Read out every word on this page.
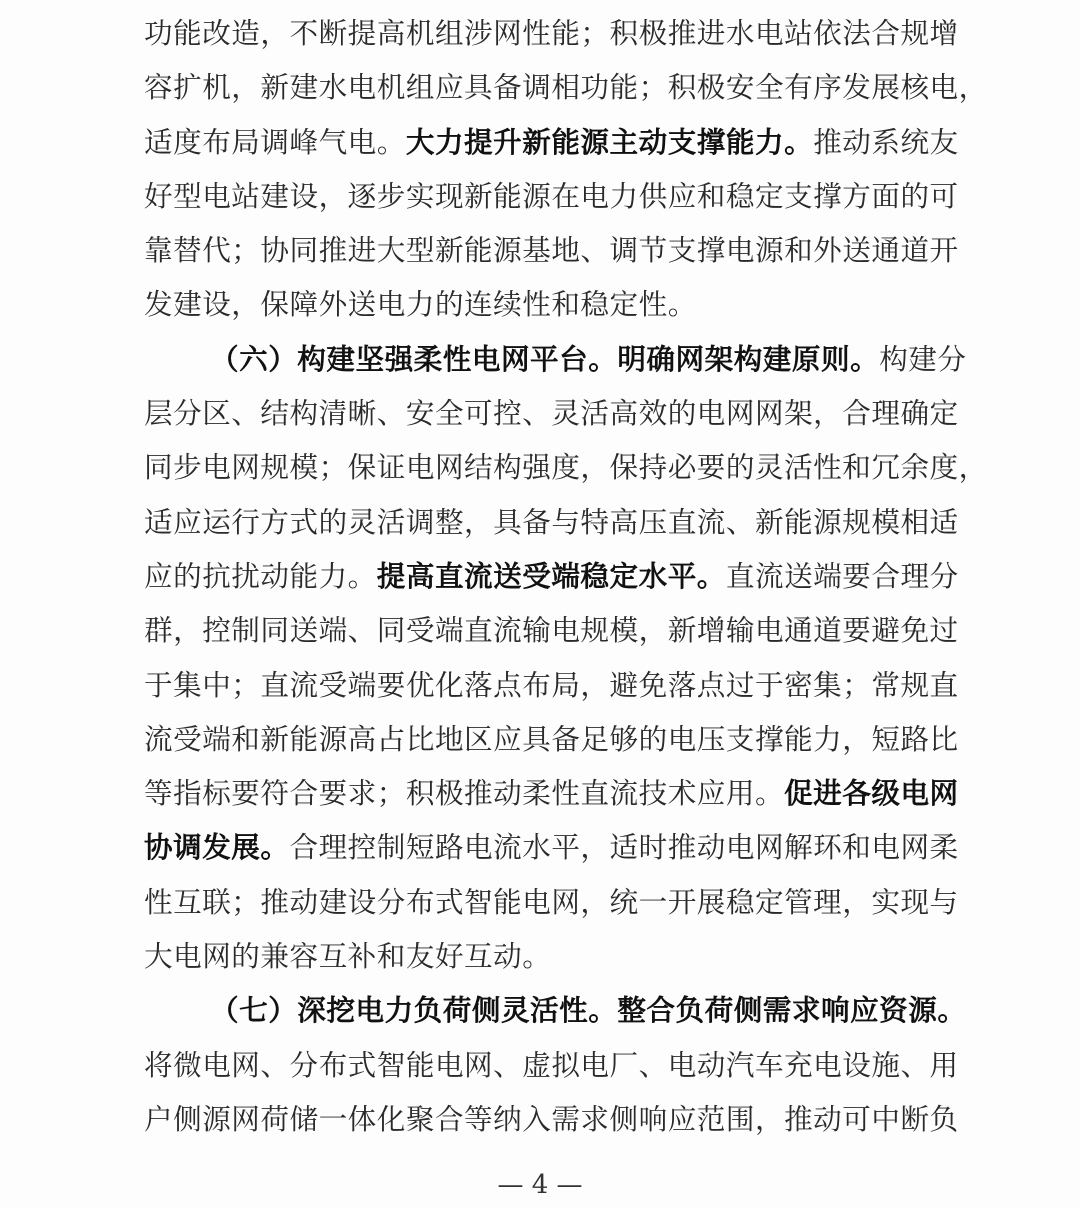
功能改造，不断提高机组涉网性能；积极推进水电站依法合规增
容扩机，新建水电机组应具备调相功能；积极安全有序发展核电，
适度布局调峰气电。大力提升新能源主动支撑能力。推动系统友
好型电站建设，逐步实现新能源在电力供应和稳定支撑方面的可
靠替代；协同推进大型新能源基地、调节支撑电源和外送通道开
发建设，保障外送电力的连续性和稳定性。
（六）构建坚强柔性电网平台。明确网架构建原则。构建分
层分区、结构清晰、安全可控、灵活高效的电网网架，合理确定
同步电网规模；保证电网结构强度，保持必要的灵活性和冗余度，
适应运行方式的灵活调整，具备与特高压直流、新能源规模相适
应的抗扰动能力。提高直流送受端稳定水平。直流送端要合理分
群，控制同送端、同受端直流输电规模，新增输电通道要避免过
于集中；直流受端要优化落点布局，避免落点过于密集；常规直
流受端和新能源高占比地区应具备足够的电压支撑能力，短路比
等指标要符合要求；积极推动柔性直流技术应用。促进各级电网
协调发展。合理控制短路电流水平，适时推动电网解环和电网柔
性互联；推动建设分布式智能电网，统一开展稳定管理，实现与
大电网的兼容互补和友好互动。
（七）深挖电力负荷侧灵活性。整合负荷侧需求响应资源。
将微电网、分布式智能电网、虚拟电厂、电动汽车充电设施、用
户侧源网荷储一体化聚合等纳入需求侧响应范围，推动可中断负
— 4 —
